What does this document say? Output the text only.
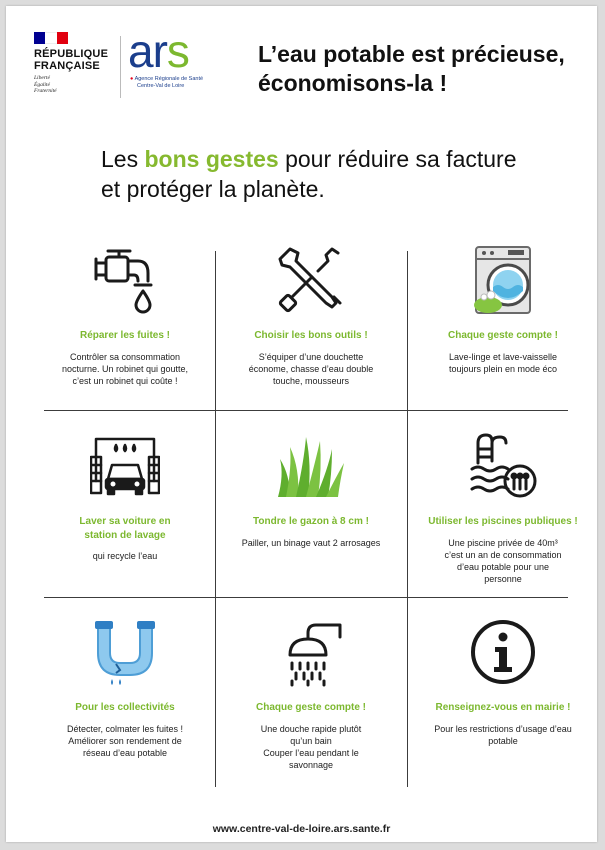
RÉPUBLIQUE
FRANÇAISE
Liberté
Égalité
Fraternité
ars
● Agence Régionale de Santé
Centre-Val de Loire
L’eau potable est précieuse,
économisons-la !
Les bons gestes pour réduire sa facture
et protéger la planète.
Réparer les fuites !
Contrôler sa consommation
nocturne. Un robinet qui goutte,
c’est un robinet qui coûte !
Choisir les bons outils !
S’équiper d’une douchette
économe, chasse d’eau double
touche, mousseurs
Chaque geste compte !
Lave-linge et lave-vaisselle
toujours plein en mode éco
Laver sa voiture en
station de lavage
qui recycle l’eau
Tondre le gazon à 8 cm !
Pailler, un binage vaut 2 arrosages
Utiliser les piscines publiques !
Une piscine privée de 40m³
c’est un an de consommation
d’eau potable pour une
personne
Pour les collectivités
Détecter, colmater les fuites !
Améliorer son rendement de
réseau d’eau potable
Chaque geste compte !
Une douche rapide plutôt
qu’un bain
Couper l’eau pendant le
savonnage
Renseignez-vous en mairie !
Pour les restrictions d’usage d’eau
potable
www.centre-val-de-loire.ars.sante.fr
